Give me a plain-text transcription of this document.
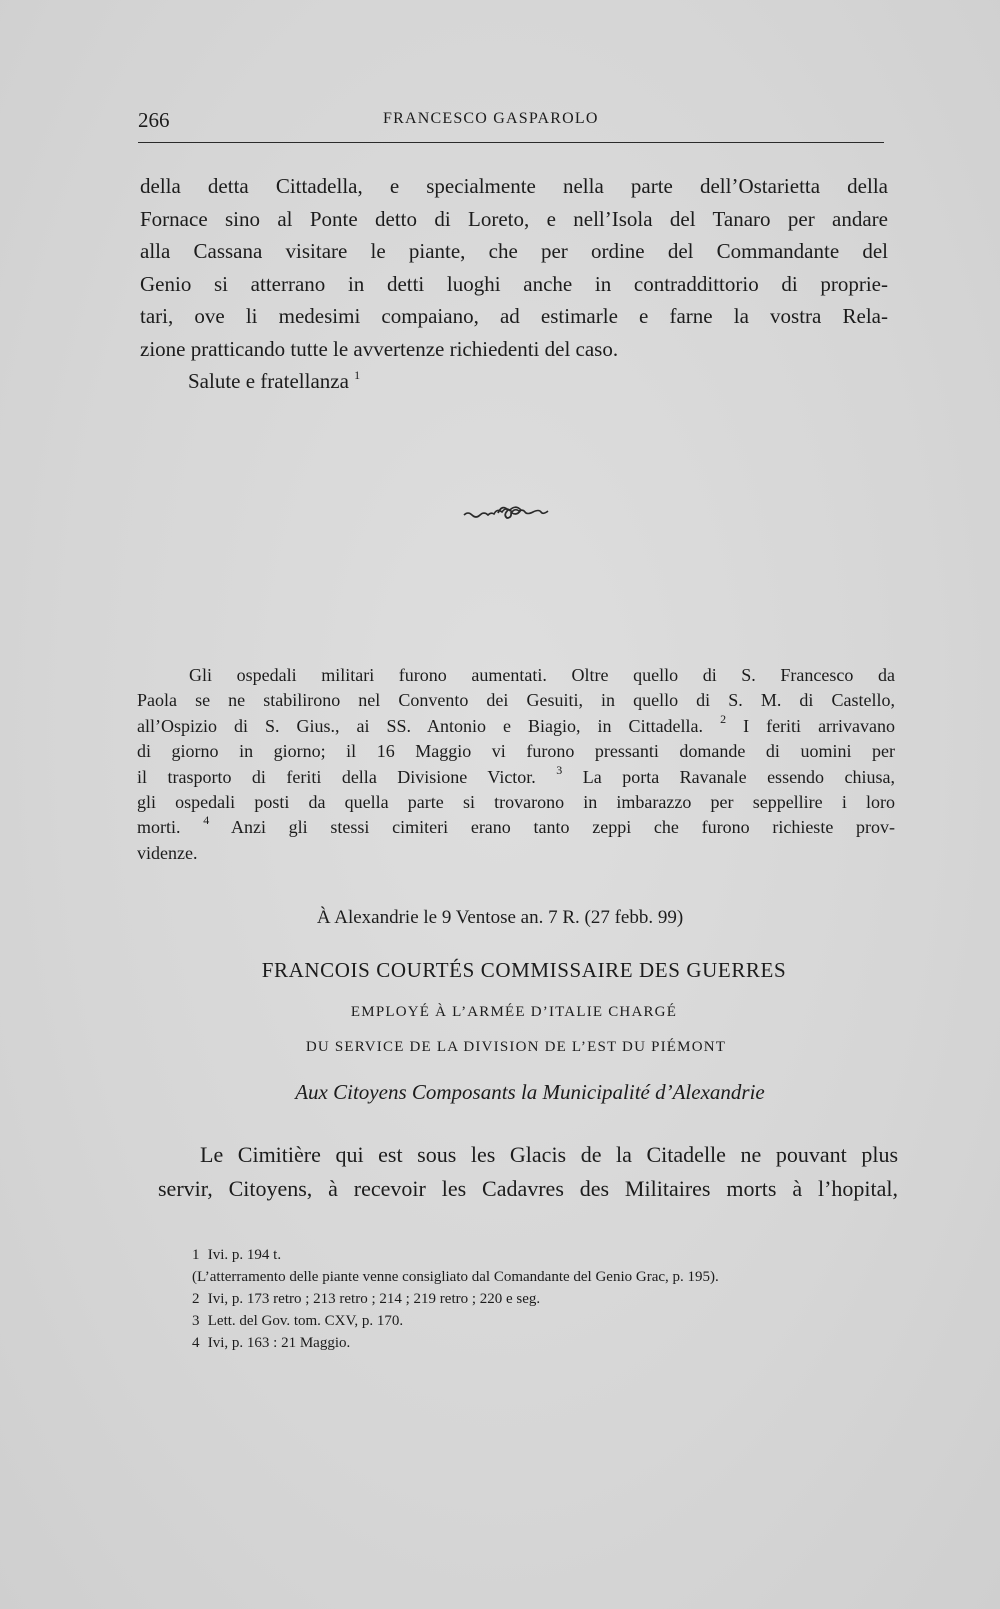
266	FRANCESCO GASPAROLO
della detta Cittadella, e specialmente nella parte dell’Ostarietta della
Fornace sino al Ponte detto di Loreto, e nell’Isola del Tanaro per andare
alla Cassana visitare le piante, che per ordine del Commandante del
Genio si atterrano in detti luoghi anche in contraddittorio di proprie-
tari, ove li medesimi compaiano, ad estimarle e farne la vostra Rela-
zione pratticando tutte le avvertenze richiedenti del caso.
Salute e fratellanza $^1$
Gli ospedali militari furono aumentati. Oltre quello di S. Francesco da
Paola se ne stabilirono nel Convento dei Gesuiti, in quello di S. M. di Castello,
all’Ospizio di S. Gius., ai SS. Antonio e Biagio, in Cittadella. $^2$ I feriti arrivavano
di giorno in giorno; il 16 Maggio vi furono pressanti domande di uomini per
il trasporto di feriti della Divisione Victor. $^3$ La porta Ravanale essendo chiusa,
gli ospedali posti da quella parte si trovarono in imbarazzo per seppellire i loro
morti. $^4$ Anzi gli stessi cimiteri erano tanto zeppi che furono richieste prov-
videnze.
À Alexandrie le 9 Ventose an. 7 R. (27 febb. 99)
FRANCOIS COURTÉS COMMISSAIRE DES GUERRES
EMPLOYÉ À L’ARMÉE D’ITALIE CHARGÉ
DU SERVICE DE LA DIVISION DE L’EST DU PIÉMONT
Aux Citoyens Composants la Municipalité d’Alexandrie
Le Cimitière qui est sous les Glacis de la Citadelle ne pouvant plus
servir, Citoyens, à recevoir les Cadavres des Militaires morts à l’hopital,
1 Ivi. p. 194 t.
(L’atterramento delle piante venne consigliato dal Comandante del Genio Grac, p. 195).
2 Ivi, p. 173 retro ; 213 retro ; 214 ; 219 retro ; 220 e seg.
3 Lett. del Gov. tom. CXV, p. 170.
4 Ivi, p. 163 : 21 Maggio.
